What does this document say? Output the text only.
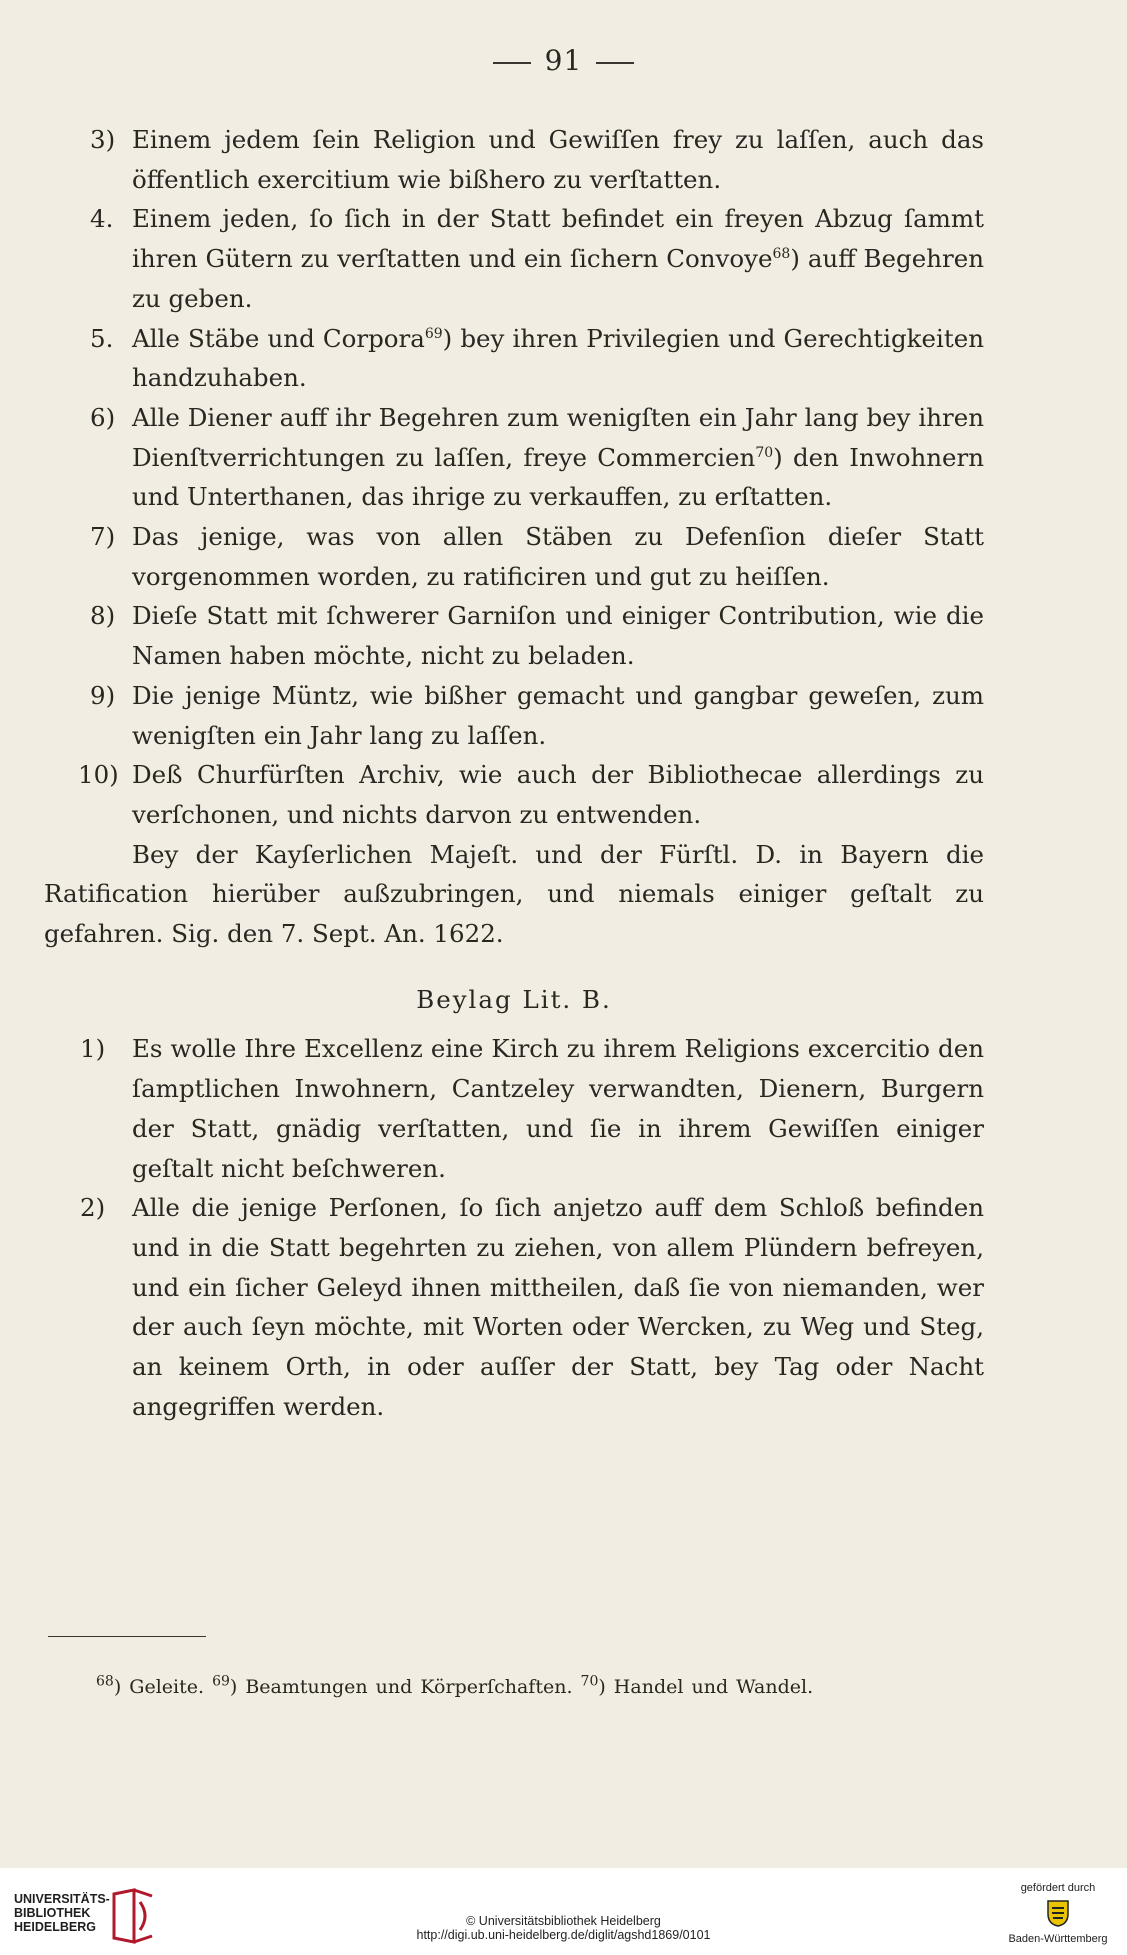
91
3) Einem jedem ſein Religion und Gewiſſen frey zu laſſen, auch das öffentlich exercitium wie bißhero zu verſtatten.
4. Einem jeden, ſo ſich in der Statt befindet ein freyen Abzug ſammt ihren Gütern zu verſtatten und ein ſichern Convoye$^{68}$) auff Begehren zu geben.
5. Alle Stäbe und Corpora$^{69}$) bey ihren Privilegien und Gerechtigkeiten handzuhaben.
6) Alle Diener auff ihr Begehren zum wenigſten ein Jahr lang bey ihren Dienſtverrichtungen zu laſſen, freye Commercien$^{70}$) den Inwohnern und Unterthanen, das ihrige zu verkauffen, zu erſtatten.
7) Das jenige, was von allen Stäben zu Defenſion dieſer Statt vorgenommen worden, zu ratificiren und gut zu heiſſen.
8) Dieſe Statt mit ſchwerer Garniſon und einiger Contribution, wie die Namen haben möchte, nicht zu beladen.
9) Die jenige Müntz, wie bißher gemacht und gangbar geweſen, zum wenigſten ein Jahr lang zu laſſen.
10) Deß Churfürſten Archiv, wie auch der Bibliothecae allerdings zu verſchonen, und nichts darvon zu entwenden.

Bey der Kayſerlichen Majeſt. und der Fürſtl. D. in Bayern die Ratification hierüber außzubringen, und niemals einiger geſtalt zu gefahren. Sig. den 7. Sept. An. 1622.

Beylag Lit. B.
1)	Es wolle Ihre Excellenz eine Kirch zu ihrem Religions excercitio den ſamptlichen Inwohnern, Cantzeley verwandten, Dienern, Burgern der Statt, gnädig verſtatten, und ſie in ihrem Gewiſſen einiger geſtalt nicht beſchweren.
2)	Alle die jenige Perſonen, ſo ſich anjetzo auff dem Schloß befinden und in die Statt begehrten zu ziehen, von allem Plündern befreyen, und ein ſicher Geleyd ihnen mittheilen, daß ſie von niemanden, wer der auch ſeyn möchte, mit Worten oder Wercken, zu Weg und Steg, an keinem Orth, in oder auſſer der Statt, bey Tag oder Nacht angegriffen werden.
$^{68}$) Geleite. $^{69}$) Beamtungen und Körperſchaften. $^{70}$) Handel und Wandel.
UNIVERSITÄTS-
BIBLIOTHEK
HEIDELBERG	© Universitätsbibliothek Heidelberg
http://digi.ub.uni-heidelberg.de/diglit/agshd1869/0101
gefördert durch
Baden-Württemberg
